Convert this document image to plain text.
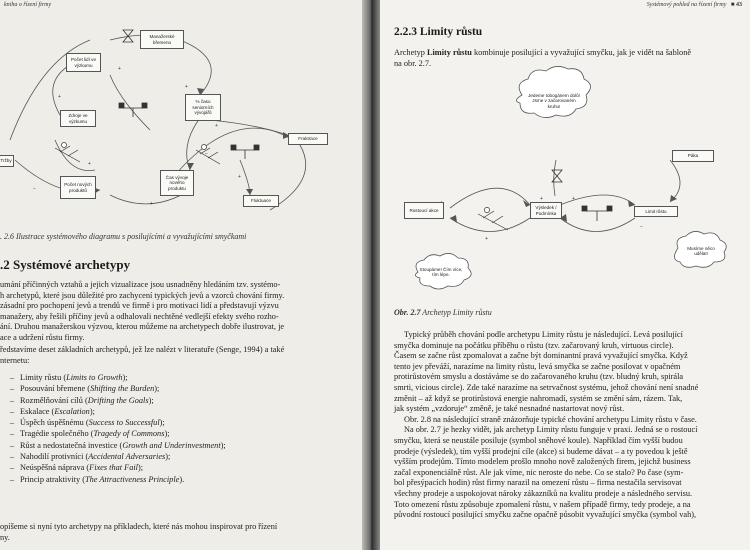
kniha o řízení firmy
+
+
+
+
+
+
−
+
−
Manažerské břemeno
Počet lidí ve výzkumu
Zdroje ve výzkumu
% času seniorních vývojářů
Fraktrace
Čas vývoje nového produktu
Počet nových produktů
Fluktuace
Tržby
. 2.6 Ilustrace systémového diagramu s posilujícími a vyvažujícími smyčkami
.2 Systémové archetypy
umání příčinných vztahů a jejich vizualizace jsou usnadněny hledáním tzv. systémo-
h archetypů, které jsou důležité pro zachycení typických jevů a vzorců chování firmy.
zásadní pro pochopení jevů a trendů ve firmě i pro motivaci lidí a představují výzvu
manažery, aby řešili příčiny jevů a odhalovali nechtěné vedlejší efekty svého rozho-
ání. Druhou manažerskou výzvou, kterou můžeme na archetypech dobře ilustrovat, je
ace a udržení růstu firmy.
ředstavíme deset základních archetypů, jež lze nalézt v literatuře (Senge, 1994) a také
nternetu:
– Limity růstu (Limits to Growth);
– Posouvání břemene (Shifting the Burden);
– Rozmělňování cílů (Drifting the Goals);
– Eskalace (Escalation);
– Úspěch úspěšnému (Success to Successful);
– Tragédie společného (Tragedy of Commons);
– Růst a nedostatečná investice (Growth and Underinvestment);
– Nahodilí protivníci (Accidental Adversaries);
– Neúspěšná náprava (Fixes that Fail);
– Princip atraktivity (The Attractiveness Principle).
opíšeme si nyní tyto archetypy na příkladech, které nás mohou inspirovat pro řízení
ny.
Systémový pohled na řízení firmy ■ 43
2.2.3 Limity růstu
Archetyp Limity růstu kombinuje posilující a vyvažující smyčku, jak je vidět na šabloně
na obr. 2.7.
+	+
−
+
Jedeme tobogánem dolů! Jsme v začarovaném kruhu!
Rostoucí akce
Výsledek / Podmínka	Limit růstu
Páka
Stoupáme! Čím více, tím lépe.
Musíme něco udělat!
Obr. 2.7 Archetyp Limity růstu
Typický průběh chování podle archetypu Limity růstu je následující. Levá posilující
smyčka dominuje na počátku příběhu o růstu (tzv. začarovaný kruh, virtuous circle).
Časem se začne růst zpomalovat a začne být dominantní pravá vyvažující smyčka. Když
tento jev převáží, narazíme na limity růstu, levá smyčka se začne posilovat v opačném
protirůstovém smyslu a dostáváme se do začarovaného kruhu (tzv. bludný kruh, spirála
smrti, vicious circle). Zde také narazíme na setrvačnost systému, jehož chování není snadné
změnit – až když se protirůstová energie nahromadí, systém se změní sám, rázem. Tak,
jak systém „vzdoruje“ změně, je také nesnadné nastartovat nový růst.
Obr. 2.8 na následující straně znázorňuje typické chování archetypu Limity růstu v čase.
Na obr. 2.7 je hezky vidět, jak archetyp Limity růstu funguje v praxi. Jedná se o rostoucí
smyčku, která se neustále posiluje (symbol sněhové koule). Například čím vyšší budou
prodeje (výsledek), tím vyšší prodejní cíle (akce) si budeme dávat – a ty povedou k ještě
vyšším prodejům. Tímto modelem prošlo mnoho nově založených firem, jejichž business
začal exponenciálně růst. Ale jak víme, nic neroste do nebe. Co se stalo? Po čase (sym-
bol přesýpacích hodin) růst firmy narazil na omezení růstu – firma nestačila servisovat
všechny prodeje a uspokojovat nároky zákazníků na kvalitu prodeje a následného servisu.
Toto omezení růstu způsobuje zpomalení růstu, v našem případě firmy, tedy prodeje, a na
původní rostoucí posilující smyčku začne opačně působit vyvažující smyčka (symbol vah),
